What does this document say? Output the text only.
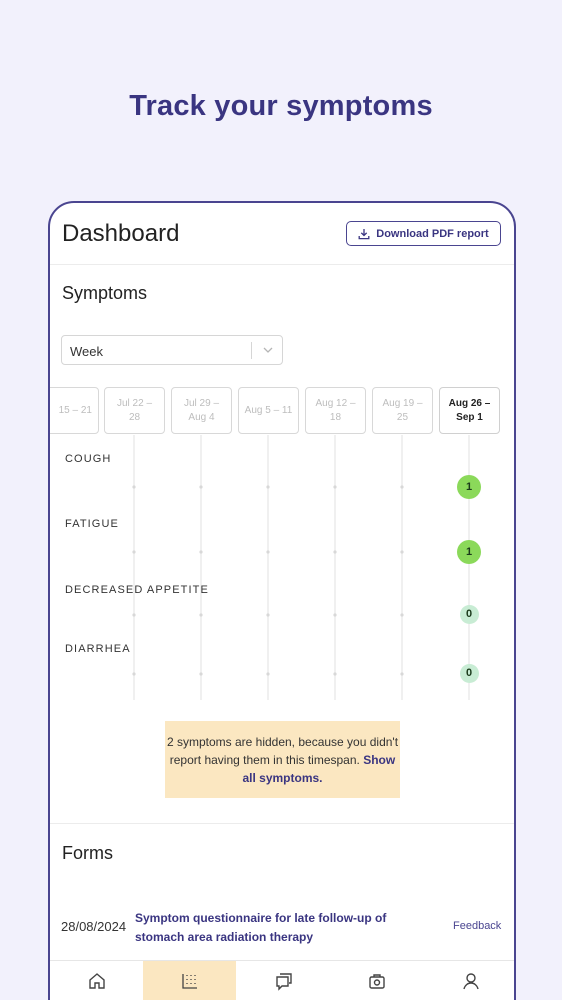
Track your symptoms
Dashboard	Download PDF report
Symptoms
Week
15 – 21
Jul 22 –
28
Jul 29 –
Aug 4
Aug 5 – 11
Aug 12 –
18
Aug 19 –
25
Aug 26 –
Sep 1
COUGH
1
FATIGUE
1
DECREASED APPETITE
0
DIARRHEA
0
2 symptoms are hidden, because you didn't report having them in this timespan. Show all symptoms.
Forms
28/08/2024
Symptom questionnaire for late follow-up of stomach area radiation therapy
Feedback
